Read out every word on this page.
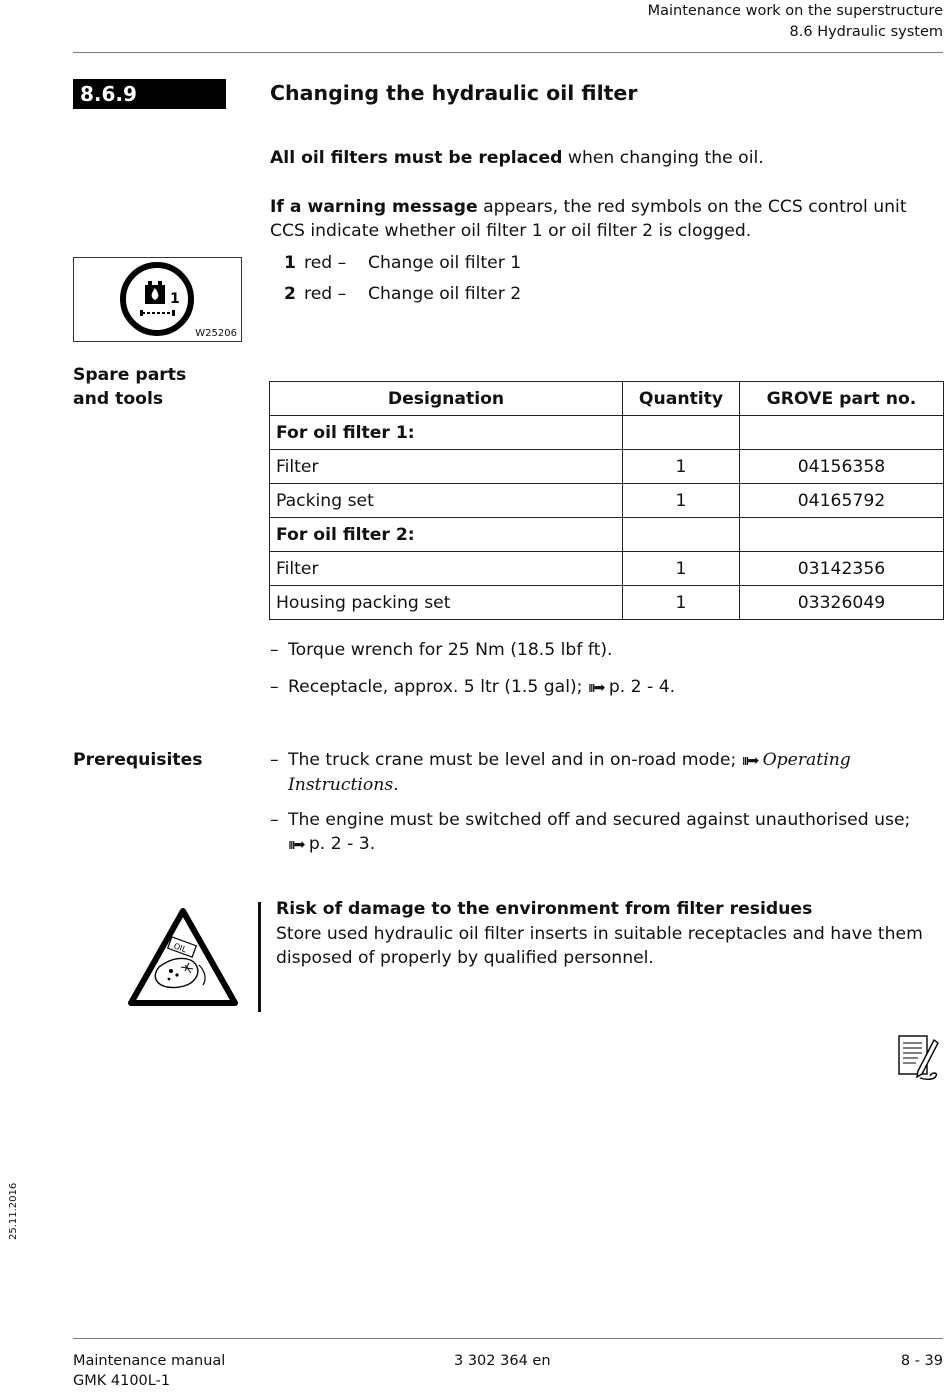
Maintenance work on the superstructure
8.6 Hydraulic system
8.6.9	Changing the hydraulic oil filter
All oil filters must be replaced when changing the oil.
If a warning message appears, the red symbols on the CCS control unit CCS indicate whether oil filter 1 or oil filter 2 is clogged.
1
W25206
1 red – Change oil filter 1
2 red – Change oil filter 2
Spare parts
and tools	Designation	Quantity	GROVE part no.
For oil filter 1:		
Filter	1	04156358
Packing set	1	04165792
For oil filter 2:		
Filter	1	03142356
Housing packing set	1	03326049
– Torque wrench for 25 Nm (18.5 lbf ft).
– Receptacle, approx. 5 ltr (1.5 gal); ııı➡ p. 2 - 4.
Prerequisites	– The truck crane must be level and in on-road mode; ııı➡ Operating Instructions.
– The engine must be switched off and secured against unauthorised use;
ııı➡ p. 2 - 3.
OIL
Risk of damage to the environment from filter residues
Store used hydraulic oil filter inserts in suitable receptacles and have them disposed of properly by qualified personnel.
25.11.2016
Maintenance manual
GMK 4100L-1
3 302 364 en	8 - 39
